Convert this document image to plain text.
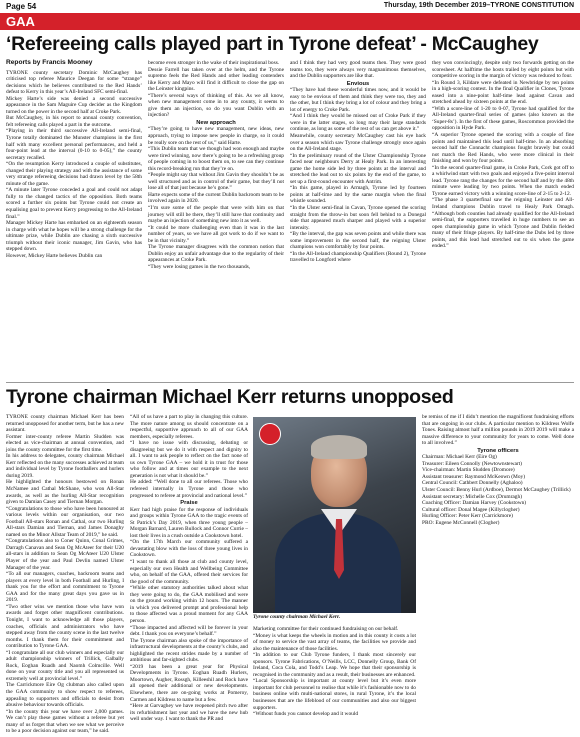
Page 54	Thursday, 19th December 2019–TYRONE CONSTITUTION
GAA
‘Refereeing calls played part in Tyrone defeat’ - McCaughey
Reports by Francis Mooney

TYRONE county secretary Dominic McCaughey has criticised top referee Maurice Deegan for some “strange” decisions which he believes contributed to the Red Hands’ defeat to Kerry in this year’s All-Ireland SFC semi-final.

Mickey Harte’s side was denied a second successive appearance in the Sam Maguire Cup decider as the Kingdom turned on the power in the second half at Croke Park.

But McCaughey, in his report to annual county convention, felt refereeing calls played a part in the outcome.

“Playing in their third successive All-Ireland semi-final, Tyrone totally dominated the Munster champions in the first half with many excellent personal performances, and held a four-point lead at the interval (0-10 to 0-05),” the county secretary recalled.

“On the resumption Kerry introduced a couple of substitutes, changed their playing strategy and with the assistance of some very strange refereeing decisions had drawn level by the 58th minute of the game.

“A minute later Tyrone conceded a goal and could not adapt fully to the changed tactics of the opposition. Both teams scored a further six points but Tyrone could not create an equalising goal to prevent Kerry progressing to the All-Ireland final.”

Manager Mickey Harte has embarked on an eighteenth season in charge with what he hopes will be a strong challenge for the ultimate prize, while Dublin are chasing a sixth successive triumph without their iconic manager, Jim Gavin, who has stepped down.

However, Mickey Harte believes Dublin can

become even stronger in the wake of their inspirational boss.

Dessie Farrell has taken over at the helm, and the Tyrone supremo feels the Red Hands and other leading contenders like Kerry and Mayo will find it difficult to close the gap on the Leinster kingpins.

“There’s several ways of thinking of this. As we all know, when new management come in to any county, it seems to give them an injection, so do you want Dublin with an injection?

New approach

“They’re going to have new management, new ideas, new approach, trying to impose new people in charge, so it could be really sore on the rest of us,” said Harte.

“This Dublin team that we though had won enough and maybe were tired winning, now there’s going to be a refreshing group of people coming in to boost them on, to see can they continue this record-breaking run that they’re on.

“People might say that without Jim Gavin they shouldn’t be as well structured and as in control of their game, but they’ll not lose all of that just because he’s gone.”

Harte expects some of the current Dublin backroom team to be involved again in 2020.

“I’m sure some of the people that were with him on that journey will still be there, they’ll still have that continuity and maybe an injection of something new into it as well.

“It could be more challenging even than it was in the last number of years, so we have all got work to do if we want to be in that vicinity.”

The Tyrone manager disagrees with the common notion that Dublin enjoy an unfair advantage due to the regularity of their appearances at Croke Park.

“They were losing games in the two thousands,

and I think they had very good teams then. They were good teams too, they were always very magnanimous themselves, and the Dublin supporters are like that.

Envious

“They have had these wonderful times now, and it would be easy to be envious of them and think they were too, they and the other, but I think they bring a lot of colour and they bring a lot of energy to Croke Park.

“And I think they would be missed out of Croke Park if they were in the latter stages, so long may their large standards continue, as long as some of the rest of us can get above it.”

Meanwhile, county secretary McCaughey cast his eye back over a season which saw Tyrone challenge strongly once again on the All-Ireland stage.

“In the preliminary round of the Ulster Championship Tyrone faced near neighbours Derry at Healy Park. In an interesting game the home side led by three points at the interval and stretched the lead out to six points by the end of the game, to set up a first-round encounter with Antrim.

“In this game, played in Armagh, Tyrone led by fourteen points at half-time and by the same margin when the final whistle sounded.

“In the Ulster semi-final in Cavan, Tyrone opened the scoring straight from the throw-in but soon fell behind to a Donegal side that appeared much sharper and played with a superior intensity.

“By the interval, the gap was seven points and while there was some improvement in the second half, the reigning Ulster champions won comfortably by four points.

“In the All-Ireland championship Qualifiers (Round 2), Tyrone travelled to Longford where

they won convincingly, despite only two forwards getting on the scoresheet. At halftime the hosts trailed by eight points but with competitive scoring in the margin of victory was reduced to four.

“In Round 3, Kildare were defeated in Newbridge by ten points in a high-scoring contest. In the final Qualifier in Clones, Tyrone eased into a nine-point half-time lead against Cavan and stretched ahead by sixteen points at the end.

“With a score-line of 1-20 to 0-07, Tyrone had qualified for the All-Ireland quarter-final series of games (also known as the ‘Super-8s’). In the first of these games, Roscommon provided the opposition in Hyde Park.

“A superior Tyrone opened the scoring with a couple of fine points and maintained this lead until half-time. In an absorbing second half the Connacht champions fought bravely but could not match the Red Hands, who were more clinical in their finishing and won by four points.

“In the second quarter-final game, in Croke Park, Cork got off to a whirlwind start with two goals and enjoyed a five-point interval lead. Tyrone rang the changes for the second half and by the 48th minute were leading by two points. When the match ended Tyrone earned victory with a winning score-line of 2-15 to 2-12.

“The phase 3 quarterfinal saw the reigning Leinster and All-Ireland champions Dublin travel to Healy Park Omagh. “Although both counties had already qualified for the All-Ireland semi-final, the supporters travelled in huge numbers to see an open championship game in which Tyrone and Dublin fielded many of their fringe players. By half-time the Dubs led by three points, and this lead had stretched out to six when the game ended.”

Tyrone chairman Michael Kerr returns unopposed

TYRONE county chairman Michael Kerr has been returned unopposed for another term, but he has a new assistant.

Former inter-county referee Martin Sludden was elected as vice-chairman at annual convention, and joins the county committee for the first time.

In his address to delegates, county chairman Michael Kerr reflected on the many successes achieved at team and individual level by Tyrone footballers and hurlers during 2019.

He highlighted the honours bestowed on Ronan McNamee and Cathal McShane, who won All-Star awards, as well as the hurling All-Star recognition given to Damian Casey and Tiernan Morgan.

“Congratulations to those who have been honoured at various levels within our organisation, our two Football All-stars Ronan and Cathal, our two Hurling All-stars Damian and Tiernan, and James Donaghy named on the Minor Allstar Team of 2019,” he said.

“Congratulations also to Coner Quinn, Conal Grimes, Darragh Canavan and Sean Og McAteer for their U20 all-stars in addition to Sean Og McAteer U20 Ulster Player of the year and Paul Devlin named Ulster Manager of the year.

“To all our managers, coaches, backroom teams and players at every level in both Football and Hurling, I thank you for the effort and commitment to Tyrone GAA and for the many great days you gave us in 2019.

“Two other wins we mention those who have won awards and forget other magnificent contributions. Tonight, I want to acknowledge all those players, coaches, officials and administrators who have stepped away from the county scene in the last twelve months. I thank them for their commitment and contribution to Tyrone GAA.

“I congratulate all our club winners and especially our adult championship winners of Trillick, Galbally Rock, Eoghan Ruadh and Naomh Colmcille. Well done on your county title and you all represented us extremely well at provincial level.”

The Carrickmore Eire Og clubman also called upon the GAA community to show respect to referees, appealing to supporters and officials to desist from abusive behaviour towards officials.

“In the county this year we have over 2,000 games. We can’t play these games without a referee but yet many of us forget that when we see what we perceive to be a poor decision against our team,” he said.

“All of us have a part to play in changing this culture. The more nature among us should concentrate on a respectful, supportive approach to all of our GAA members, especially referees.

“I have no issue with discussing, debating or disagreeing but we do it with respect and dignity to all. I want to ask people to reflect on the fact none of us own Tyrone GAA – we hold it in trust for those who follow and at times our example to the next generation is not what it should be.”

He added: “Well done to all our referees. Those who refereed internally in Tyrone and those who progressed to referee at provincial and national level.”

Praise

Kerr had high praise for the response of individuals and groups within Tyrone GAA to the tragic events of St Patrick’s Day 2019, when three young people – Morgan Barnard, Lauren Bullock and Connor Currie – lost their lives in a crush outside a Cookstown hotel.

“On the 17th March our community suffered a devastating blow with the loss of three young lives in Cookstown.

“I want to thank all those at club and county level, especially our own Health and Wellbeing Committee who, on behalf of the GAA, offered their services for the good of the community.

“While other statutory authorities talked about what they were going to do, the GAA mobilised and were on the ground working within 12 hours. The manner in which you delivered prompt and professional help to those affected was a proud moment for any GAA person.

“Those impacted and affected will be forever in your debt. I thank you on everyone’s behalf.”

The Tyrone chairman also spoke of the importance of infrastructural developments at the county’s clubs, and highlighted the recent strides made by a number of ambitious and far-sighted clubs.

“2019 has been a great year for Physical Developments in Tyrone. Eoghan Ruadh Hurlers, Moortown, Augher, Rossgh, Killeeshil and Rock have all opened their additional or new developments. Elsewhere, there are on-going works at Pomeroy, Carmen and Kildress to name but a few.

“Here at Garvaghey we have reopened pitch two after its refurbishment last year and we have the new hub well under way. I want to thank the PR and

Tyrone county chairman Michael Kerr.

Marketing committee for their continued fundraising on our behalf.

“Money is what keeps the wheels in motion and in this county it costs a lot of money to service the vast array of teams, the facilities we provide and also the maintenance of those facilities.

“In addition to our Club Tyrone funders, I thank most sincerely our sponsors. Tyrone Fabrications, O’Neills, LCC, Donnelly Group, Bank Of Ireland, Coca Cola, and Todd’s Leap. We hope that their sponsorship is recognised in the community and as a result, their businesses are enhanced.

“Local Sponsorship is important at county level but it’s even more important for club personnel to realise that while it’s fashionable now to do business online with multi-national stores, in rural Tyrone, it’s the local businesses that are the lifeblood of our communities and also our biggest supporters.

“Without funds you cannot develop and it would

be remiss of me if I didn’t mention the magnificent fundraising efforts that are ongoing in our clubs. A particular mention to Kildress Wolfe Tones. Raising almost half a million pounds in 2019 2019 will make a massive difference to your community for years to come. Well done to all involved.”

Tyrone officers

Chairman: Michael Kerr (Eire Og)

Treasurer: Eileen Connolly (Newtownstewart)

Vice-chairman: Martin Sludden (Dromore)

Assistant treasurer: Raymond McKeown (Moy)

Central Council: Cathbert Donnelly (Aghaloo)

Ulster Council: Benny Hurl (Ardboe), Dermot McCaughey (Trillick)

Assistant secretary: Michelle Cox (Drumragh)

Coaching Officer: Damian Harvey (Cookstown)

Cultural officer: Donal Magee (Killyclogher)

Hurling Officer: Peter Kerr (Carrickmore)

PRO: Eugene McConnell (Clogher)
